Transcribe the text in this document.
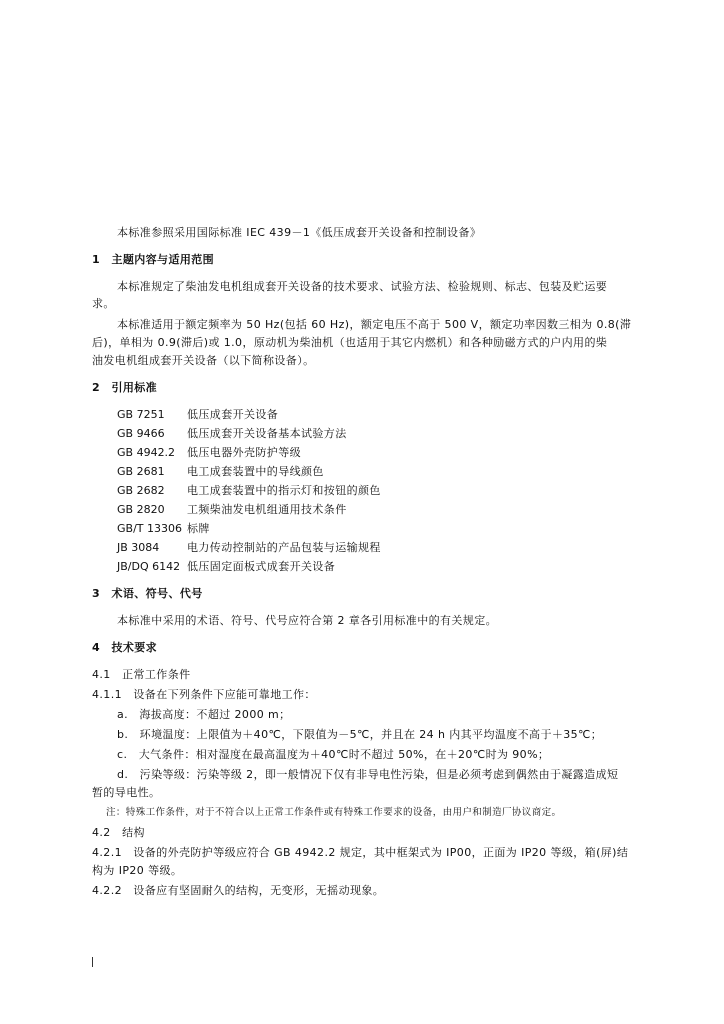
本标准参照采用国际标准 IEC 439－1《低压成套开关设备和控制设备》
1　主题内容与适用范围
本标准规定了柴油发电机组成套开关设备的技术要求、试验方法、检验规则、标志、包装及贮运要
求。
本标准适用于额定频率为 50 Hz(包括 60 Hz)，额定电压不高于 500 V，额定功率因数三相为 0.8(滞
后)，单相为 0.9(滞后)或 1.0，原动机为柴油机（也适用于其它内燃机）和各种励磁方式的户内用的柴
油发电机组成套开关设备（以下简称设备）。
2　引用标准
GB 7251 低压成套开关设备
GB 9466 低压成套开关设备基本试验方法
GB 4942.2 低压电器外壳防护等级
GB 2681 电工成套装置中的导线颜色
GB 2682 电工成套装置中的指示灯和按钮的颜色
GB 2820 工频柴油发电机组通用技术条件
GB/T 13306 标牌
JB 3084	电力传动控制站的产品包装与运输规程
JB/DQ 6142 低压固定面板式成套开关设备
3　术语、符号、代号
本标准中采用的术语、符号、代号应符合第 2 章各引用标准中的有关规定。
4　技术要求
4.1　正常工作条件
4.1.1　设备在下列条件下应能可靠地工作：
a.　海拔高度：不超过 2000 m；
b.　环境温度：上限值为＋40℃，下限值为－5℃，并且在 24 h 内其平均温度不高于＋35℃；
c.　大气条件：相对湿度在最高温度为＋40℃时不超过 50%，在＋20℃时为 90%；
d.　污染等级：污染等级 2，即一般情况下仅有非导电性污染，但是必须考虑到偶然由于凝露造成短
暂的导电性。
注：特殊工作条件，对于不符合以上正常工作条件或有特殊工作要求的设备，由用户和制造厂协议商定。
4.2　结构
4.2.1　设备的外壳防护等级应符合 GB 4942.2 规定，其中框架式为 IP00，正面为 IP20 等级，箱(屏)结
构为 IP20 等级。
4.2.2　设备应有坚固耐久的结构，无变形，无摇动现象。
